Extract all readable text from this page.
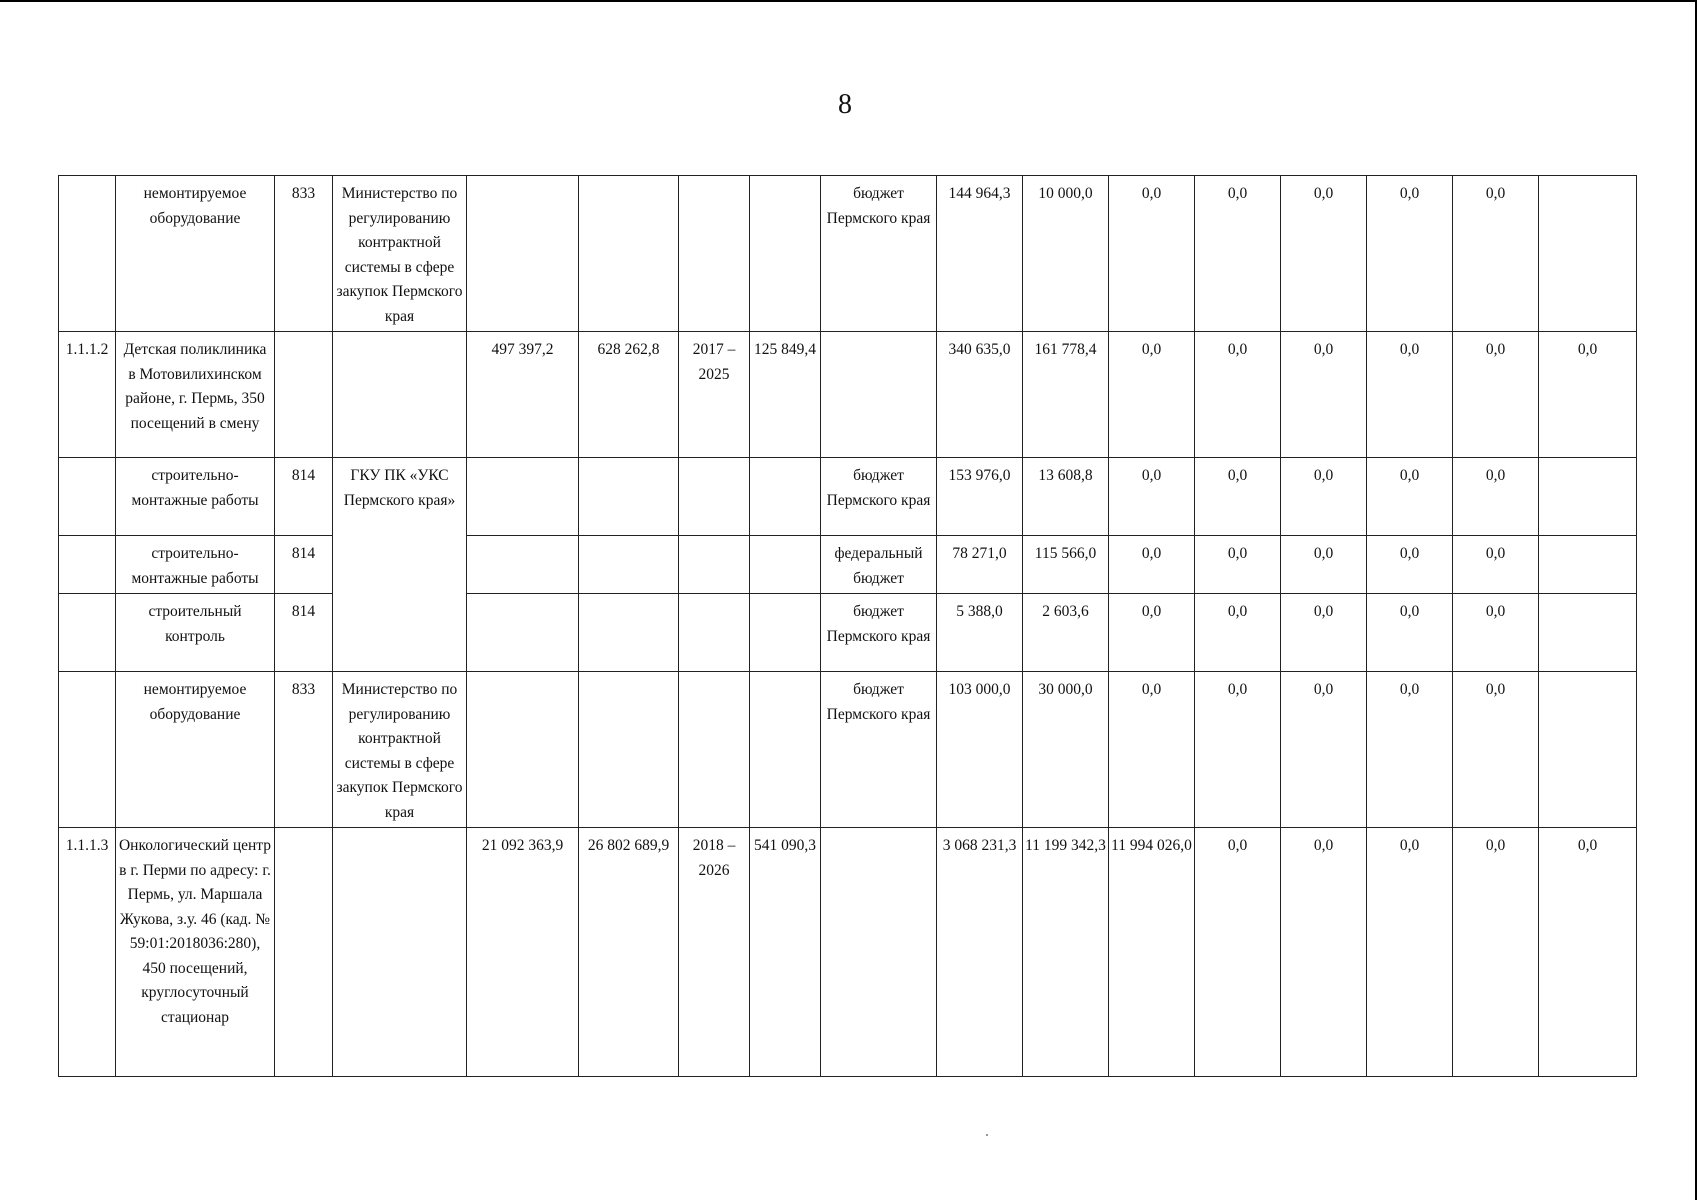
8
	немонтируемое оборудование	833	Министерство по регулированию контрактной системы в сфере закупок Пермского края					бюджет Пермского края	144 964,3	10 000,0	0,0	0,0	0,0	0,0	0,0	
1.1.1.2	Детская поликлиника в Мотовилихинском районе, г. Пермь, 350 посещений в смену			497 397,2	628 262,8	2017 – 2025	125 849,4		340 635,0	161 778,4	0,0	0,0	0,0	0,0	0,0	0,0
	строительно-монтажные работы	814	ГКУ ПК «УКС Пермского края»					бюджет Пермского края	153 976,0	13 608,8	0,0	0,0	0,0	0,0	0,0	
	строительно-монтажные работы	814						федеральный бюджет	78 271,0	115 566,0	0,0	0,0	0,0	0,0	0,0	
	строительный контроль	814						бюджет Пермского края	5 388,0	2 603,6	0,0	0,0	0,0	0,0	0,0	
	немонтируемое оборудование	833	Министерство по регулированию контрактной системы в сфере закупок Пермского края					бюджет Пермского края	103 000,0	30 000,0	0,0	0,0	0,0	0,0	0,0	
1.1.1.3	Онкологический центр в г. Перми по адресу: г. Пермь, ул. Маршала Жукова, з.у. 46 (кад. № 59:01:2018036:280), 450 посещений, круглосуточный стационар			21 092 363,9	26 802 689,9	2018 – 2026	541 090,3		3 068 231,3	11 199 342,3	11 994 026,0	0,0	0,0	0,0	0,0	0,0
